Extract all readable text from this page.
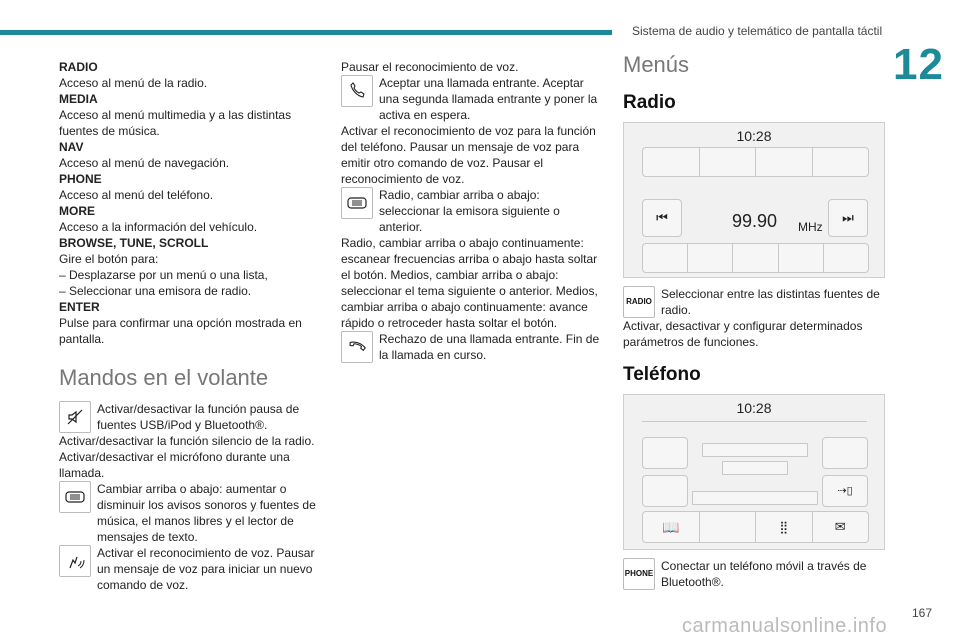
Sistema de audio y telemático de pantalla táctil
12

RADIO

Acceso al menú de la radio.

MEDIA

Acceso al menú multimedia y a las distintas fuentes de música.

NAV

Acceso al menú de navegación.

PHONE

Acceso al menú del teléfono.

MORE

Acceso a la información del vehículo.

BROWSE, TUNE, SCROLL

Gire el botón para:

– Desplazarse por un menú o una lista,

– Seleccionar una emisora de radio.

ENTER

Pulse para confirmar una opción mostrada en pantalla.

Mandos en el volante
Activar/desactivar la función pausa de fuentes USB/iPod y Bluetooth®.

Activar/desactivar la función silencio de la radio. Activar/desactivar el micrófono durante una llamada.

Cambiar arriba o abajo: aumentar o disminuir los avisos sonoros y fuentes de música, el manos libres y el lector de mensajes de texto.
Activar el reconocimiento de voz. Pausar un mensaje de voz para iniciar un nuevo comando de voz.

Pausar el reconocimiento de voz.

Aceptar una llamada entrante. Aceptar una segunda llamada entrante y poner la activa en espera.

Activar el reconocimiento de voz para la función del teléfono. Pausar un mensaje de voz para emitir otro comando de voz. Pausar el reconocimiento de voz.

Radio, cambiar arriba o abajo: seleccionar la emisora siguiente o anterior.

Radio, cambiar arriba o abajo continuamente: escanear frecuencias arriba o abajo hasta soltar el botón. Medios, cambiar arriba o abajo: seleccionar el tema siguiente o anterior. Medios, cambiar arriba o abajo continuamente: avance rápido o retroceder hasta soltar el botón.

Rechazo de una llamada entrante. Fin de la llamada en curso.
Menús
Radio
10:28
⏮	99.90 MHz
⏭
RADIO
Seleccionar entre las distintas fuentes de radio.

Activar, desactivar y configurar determinados parámetros de funciones.

Teléfono
10:28
⇢▯
📖	⣿	✉
PHONE
Conectar un teléfono móvil a través de Bluetooth®.
167
carmanualsonline.info
